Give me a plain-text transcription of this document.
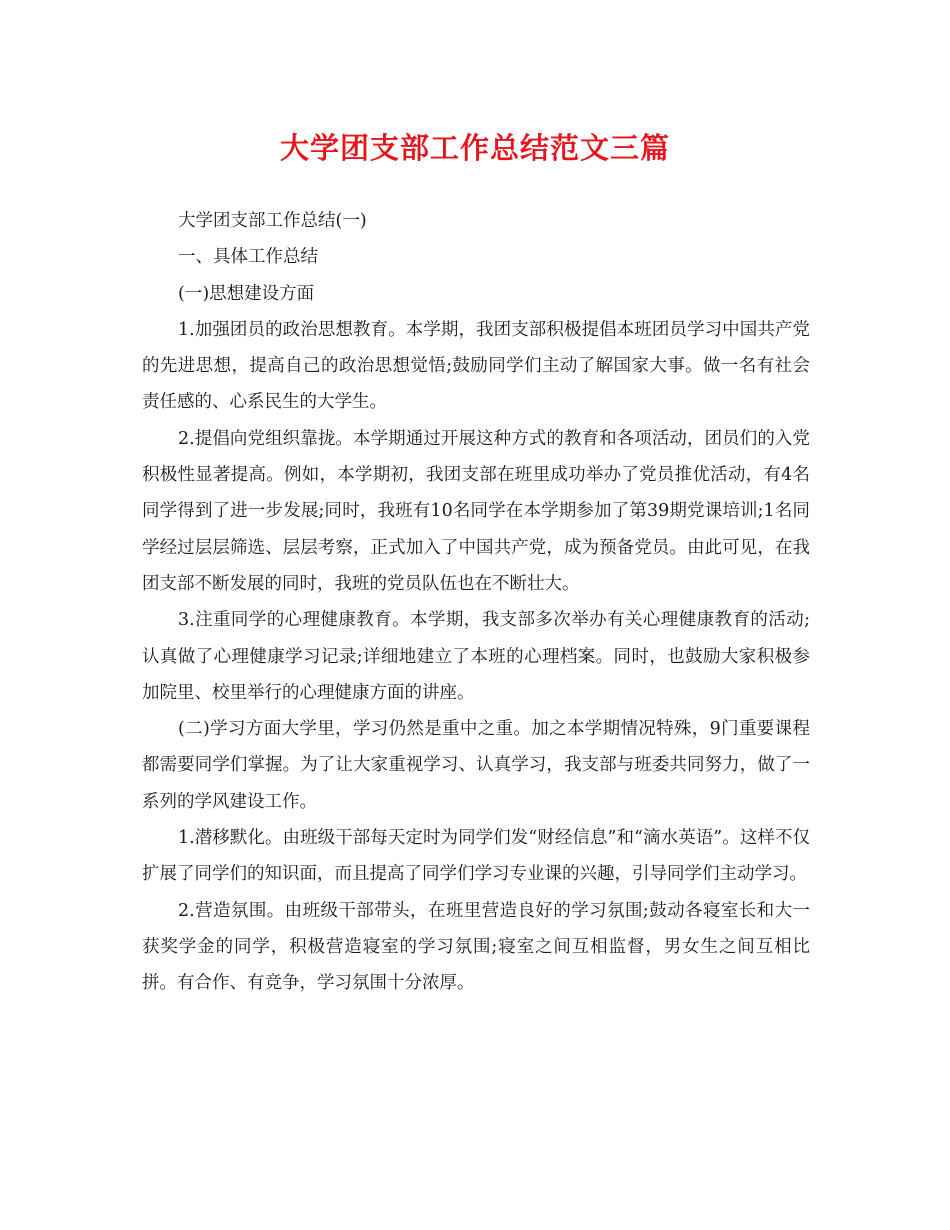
大学团支部工作总结范文三篇

大学团支部工作总结(一)

一、具体工作总结

(一)思想建设方面

1.加强团员的政治思想教育。本学期，我团支部积极提倡本班团员学习中国共产党的先进思想，提高自己的政治思想觉悟;鼓励同学们主动了解国家大事。做一名有社会责任感的、心系民生的大学生。

2.提倡向党组织靠拢。本学期通过开展这种方式的教育和各项活动，团员们的入党积极性显著提高。例如，本学期初，我团支部在班里成功举办了党员推优活动，有4名同学得到了进一步发展;同时，我班有10名同学在本学期参加了第39期党课培训;1名同学经过层层筛选、层层考察，正式加入了中国共产党，成为预备党员。由此可见，在我团支部不断发展的同时，我班的党员队伍也在不断壮大。

3.注重同学的心理健康教育。本学期，我支部多次举办有关心理健康教育的活动;认真做了心理健康学习记录;详细地建立了本班的心理档案。同时，也鼓励大家积极参加院里、校里举行的心理健康方面的讲座。

(二)学习方面大学里，学习仍然是重中之重。加之本学期情况特殊，9门重要课程都需要同学们掌握。为了让大家重视学习、认真学习，我支部与班委共同努力，做了一系列的学风建设工作。

1.潜移默化。由班级干部每天定时为同学们发“财经信息”和“滴水英语”。这样不仅扩展了同学们的知识面，而且提高了同学们学习专业课的兴趣，引导同学们主动学习。

2.营造氛围。由班级干部带头，在班里营造良好的学习氛围;鼓动各寝室长和大一获奖学金的同学，积极营造寝室的学习氛围;寝室之间互相监督，男女生之间互相比拼。有合作、有竞争，学习氛围十分浓厚。
